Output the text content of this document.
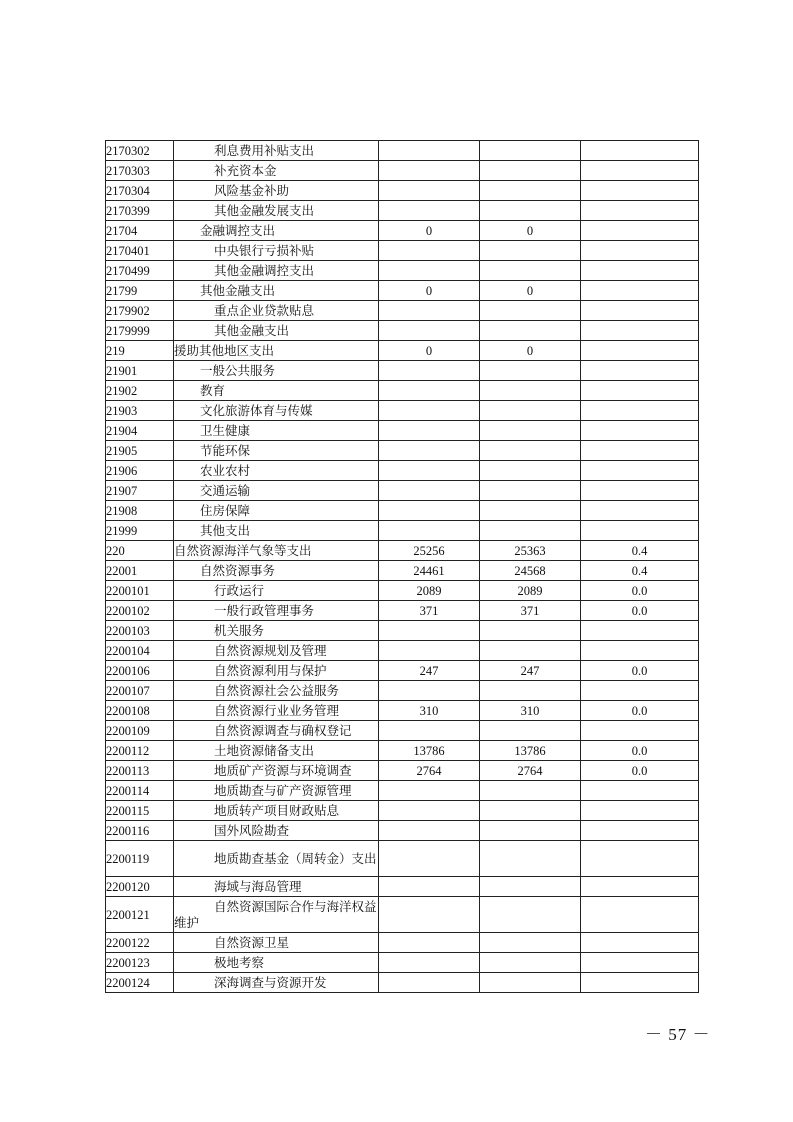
2170302	利息费用补贴支出			
2170303	补充资本金			
2170304	风险基金补助			
2170399	其他金融发展支出			
21704	金融调控支出	0	0	
2170401	中央银行亏损补贴			
2170499	其他金融调控支出			
21799	其他金融支出	0	0	
2179902	重点企业贷款贴息			
2179999	其他金融支出			
219	援助其他地区支出	0	0	
21901	一般公共服务			
21902	教育			
21903	文化旅游体育与传媒			
21904	卫生健康			
21905	节能环保			
21906	农业农村			
21907	交通运输			
21908	住房保障			
21999	其他支出			
220	自然资源海洋气象等支出	25256	25363	0.4
22001	自然资源事务	24461	24568	0.4
2200101	行政运行	2089	2089	0.0
2200102	一般行政管理事务	371	371	0.0
2200103	机关服务			
2200104	自然资源规划及管理			
2200106	自然资源利用与保护	247	247	0.0
2200107	自然资源社会公益服务			
2200108	自然资源行业业务管理	310	310	0.0
2200109	自然资源调查与确权登记			
2200112	土地资源储备支出	13786	13786	0.0
2200113	地质矿产资源与环境调查	2764	2764	0.0
2200114	地质勘查与矿产资源管理			
2200115	地质转产项目财政贴息			
2200116	国外风险勘查			
2200119	地质勘查基金（周转金）支出			
2200120	海域与海岛管理			
2200121	自然资源国际合作与海洋权益维护			
2200122	自然资源卫星			
2200123	极地考察			
2200124	深海调查与资源开发			
－ 57 －
